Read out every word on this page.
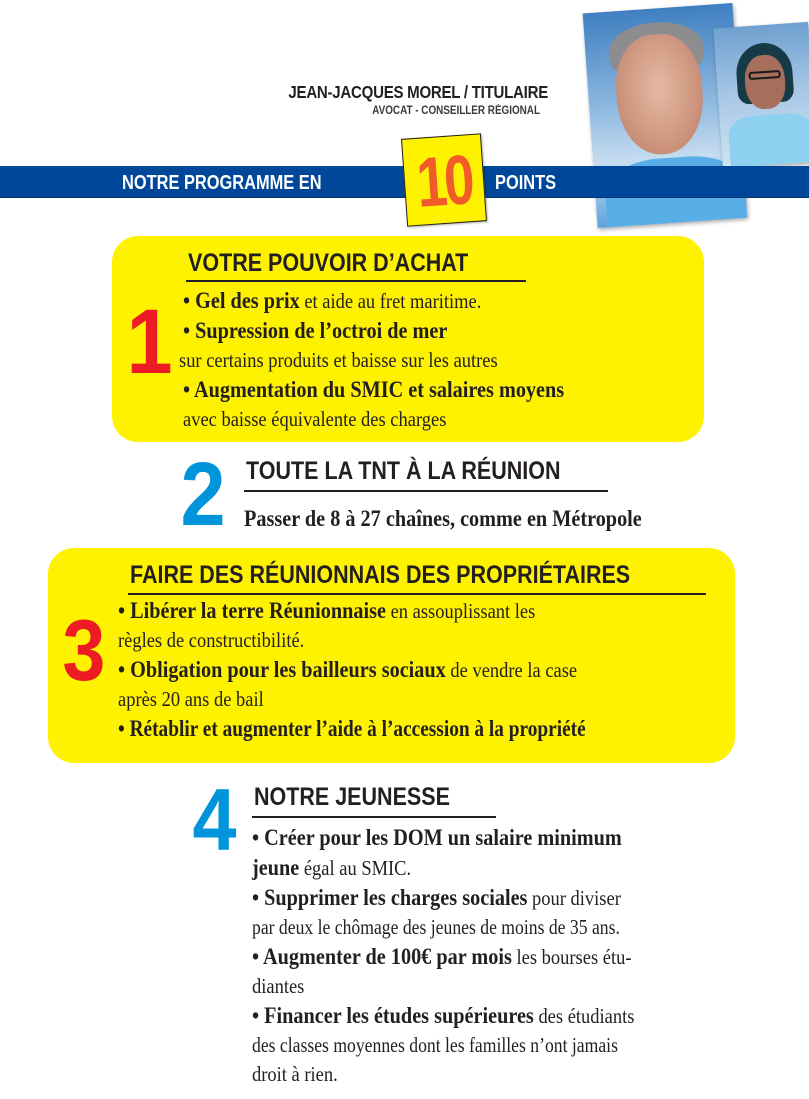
JEAN-JACQUES MOREL / TITULAIRE
AVOCAT - CONSEILLER RÉGIONAL
NOTRE PROGRAMME EN 10 POINTS
1
VOTRE POUVOIR D’ACHAT
• Gel des prix et aide au fret maritime.
• Supression de l’octroi de mer
sur certains produits et baisse sur les autres
• Augmentation du SMIC et salaires moyens
avec baisse équivalente des charges
2 TOUTE LA TNT À LA RÉUNION
Passer de 8 à 27 chaînes, comme en Métropole
3
FAIRE DES RÉUNIONNAIS DES PROPRIÉTAIRES
• Libérer la terre Réunionnaise en assouplissant les
règles de constructibilité.
• Obligation pour les bailleurs sociaux de vendre la case
après 20 ans de bail
• Rétablir et augmenter l’aide à l’accession à la propriété
4 NOTRE JEUNESSE
• Créer pour les DOM un salaire minimum
jeune égal au SMIC.
• Supprimer les charges sociales pour diviser
par deux le chômage des jeunes de moins de 35 ans.
• Augmenter de 100€ par mois les bourses étu-
diantes
• Financer les études supérieures des étudiants
des classes moyennes dont les familles n’ont jamais
droit à rien.
